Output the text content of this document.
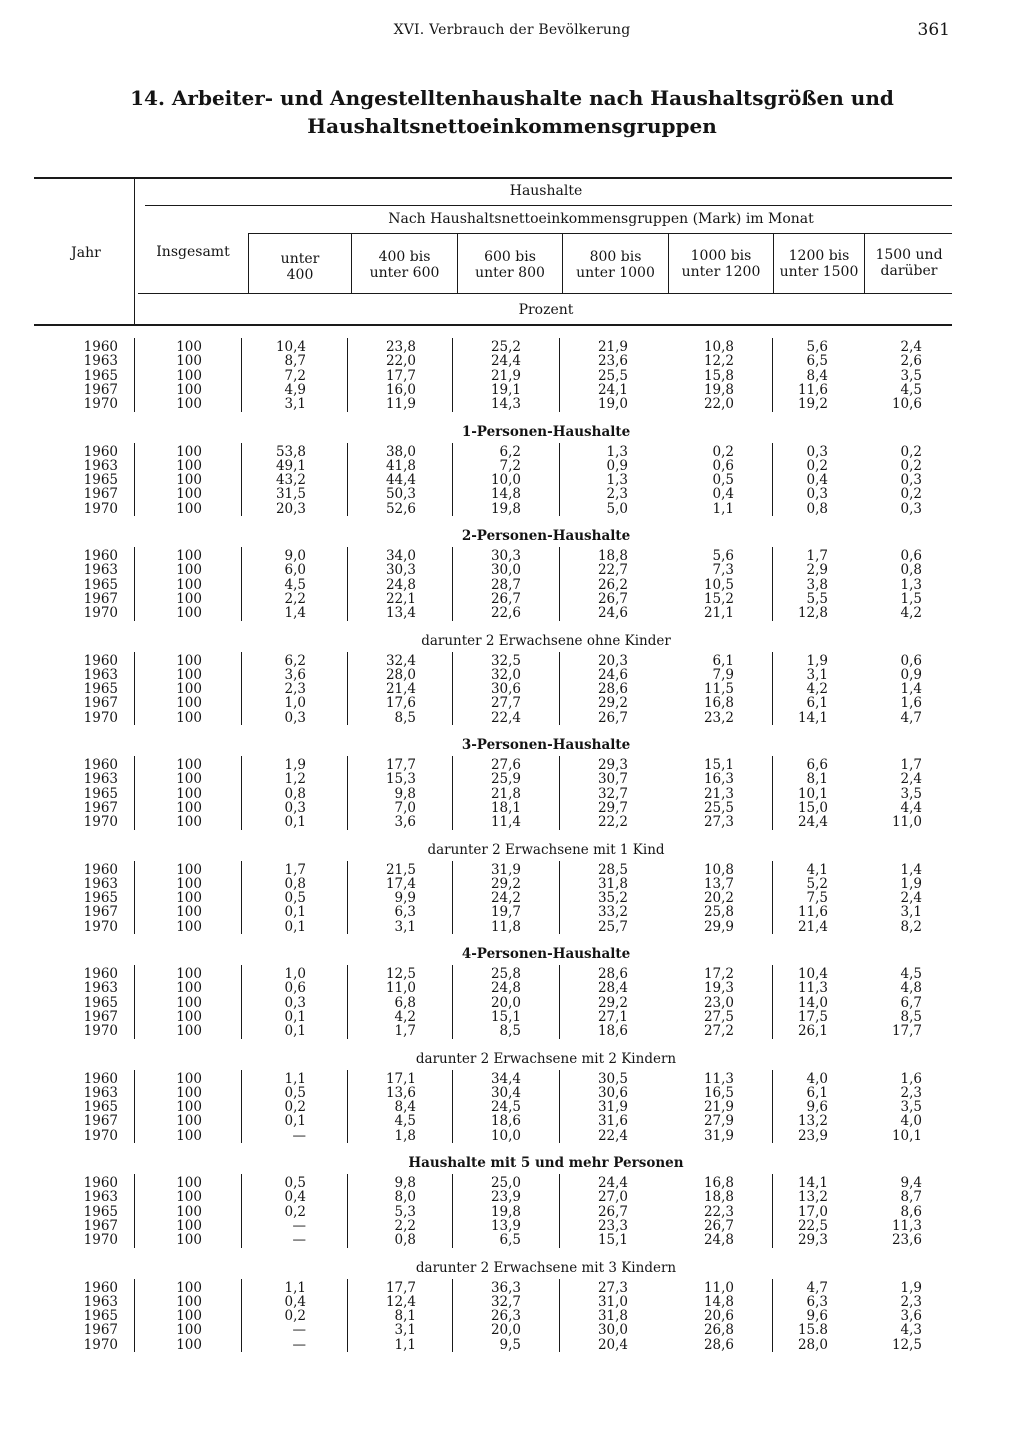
XVI. Verbrauch der Bevölkerung	361
14. Arbeiter- und Angestelltenhaushalte nach Haushaltsgrößen und
Haushaltsnettoeinkommensgruppen
Jahr	Insgesamt
Haushalte
Nach Haushaltsnettoeinkommensgruppen (Mark) im Monat
Prozent
unter
400
400 bis
unter 600
600 bis
unter 800
800 bis
unter 1000
1000 bis
unter 1200
1200 bis
unter 1500
1500 und
darüber
1960	100	10,4	23,8	25,2	21,9	10,8	5,6	2,4
1963	100	8,7	22,0	24,4	23,6	12,2	6,5	2,6
1965	100	7,2	17,7	21,9	25,5	15,8	8,4	3,5
1967	100	4,9	16,0	19,1	24,1	19,8	11,6	4,5
1970	100	3,1	11,9	14,3	19,0	22,0	19,2	10,6
1-Personen-Haushalte
1960	100	53,8	38,0	6,2	1,3	0,2	0,3	0,2
1963	100	49,1	41,8	7,2	0,9	0,6	0,2	0,2
1965	100	43,2	44,4	10,0	1,3	0,5	0,4	0,3
1967	100	31,5	50,3	14,8	2,3	0,4	0,3	0,2
1970	100	20,3	52,6	19,8	5,0	1,1	0,8	0,3
2-Personen-Haushalte
1960	100	9,0	34,0	30,3	18,8	5,6	1,7	0,6
1963	100	6,0	30,3	30,0	22,7	7,3	2,9	0,8
1965	100	4,5	24,8	28,7	26,2	10,5	3,8	1,3
1967	100	2,2	22,1	26,7	26,7	15,2	5,5	1,5
1970	100	1,4	13,4	22,6	24,6	21,1	12,8	4,2
darunter 2 Erwachsene ohne Kinder
1960	100	6,2	32,4	32,5	20,3	6,1	1,9	0,6
1963	100	3,6	28,0	32,0	24,6	7,9	3,1	0,9
1965	100	2,3	21,4	30,6	28,6	11,5	4,2	1,4
1967	100	1,0	17,6	27,7	29,2	16,8	6,1	1,6
1970	100	0,3	8,5	22,4	26,7	23,2	14,1	4,7
3-Personen-Haushalte
1960	100	1,9	17,7	27,6	29,3	15,1	6,6	1,7
1963	100	1,2	15,3	25,9	30,7	16,3	8,1	2,4
1965	100	0,8	9,8	21,8	32,7	21,3	10,1	3,5
1967	100	0,3	7,0	18,1	29,7	25,5	15,0	4,4
1970	100	0,1	3,6	11,4	22,2	27,3	24,4	11,0
darunter 2 Erwachsene mit 1 Kind
1960	100	1,7	21,5	31,9	28,5	10,8	4,1	1,4
1963	100	0,8	17,4	29,2	31,8	13,7	5,2	1,9
1965	100	0,5	9,9	24,2	35,2	20,2	7,5	2,4
1967	100	0,1	6,3	19,7	33,2	25,8	11,6	3,1
1970	100	0,1	3,1	11,8	25,7	29,9	21,4	8,2
4-Personen-Haushalte
1960	100	1,0	12,5	25,8	28,6	17,2	10,4	4,5
1963	100	0,6	11,0	24,8	28,4	19,3	11,3	4,8
1965	100	0,3	6,8	20,0	29,2	23,0	14,0	6,7
1967	100	0,1	4,2	15,1	27,1	27,5	17,5	8,5
1970	100	0,1	1,7	8,5	18,6	27,2	26,1	17,7
darunter 2 Erwachsene mit 2 Kindern
1960	100	1,1	17,1	34,4	30,5	11,3	4,0	1,6
1963	100	0,5	13,6	30,4	30,6	16,5	6,1	2,3
1965	100	0,2	8,4	24,5	31,9	21,9	9,6	3,5
1967	100	0,1	4,5	18,6	31,6	27,9	13,2	4,0
1970	100	—	1,8	10,0	22,4	31,9	23,9	10,1
Haushalte mit 5 und mehr Personen
1960	100	0,5	9,8	25,0	24,4	16,8	14,1	9,4
1963	100	0,4	8,0	23,9	27,0	18,8	13,2	8,7
1965	100	0,2	5,3	19,8	26,7	22,3	17,0	8,6
1967	100	—	2,2	13,9	23,3	26,7	22,5	11,3
1970	100	—	0,8	6,5	15,1	24,8	29,3	23,6
darunter 2 Erwachsene mit 3 Kindern
1960	100	1,1	17,7	36,3	27,3	11,0	4,7	1,9
1963	100	0,4	12,4	32,7	31,0	14,8	6,3	2,3
1965	100	0,2	8,1	26,3	31,8	20,6	9,6	3,6
1967	100	—	3,1	20,0	30,0	26,8	15.8	4,3
1970	100	—	1,1	9,5	20,4	28,6	28,0	12,5
